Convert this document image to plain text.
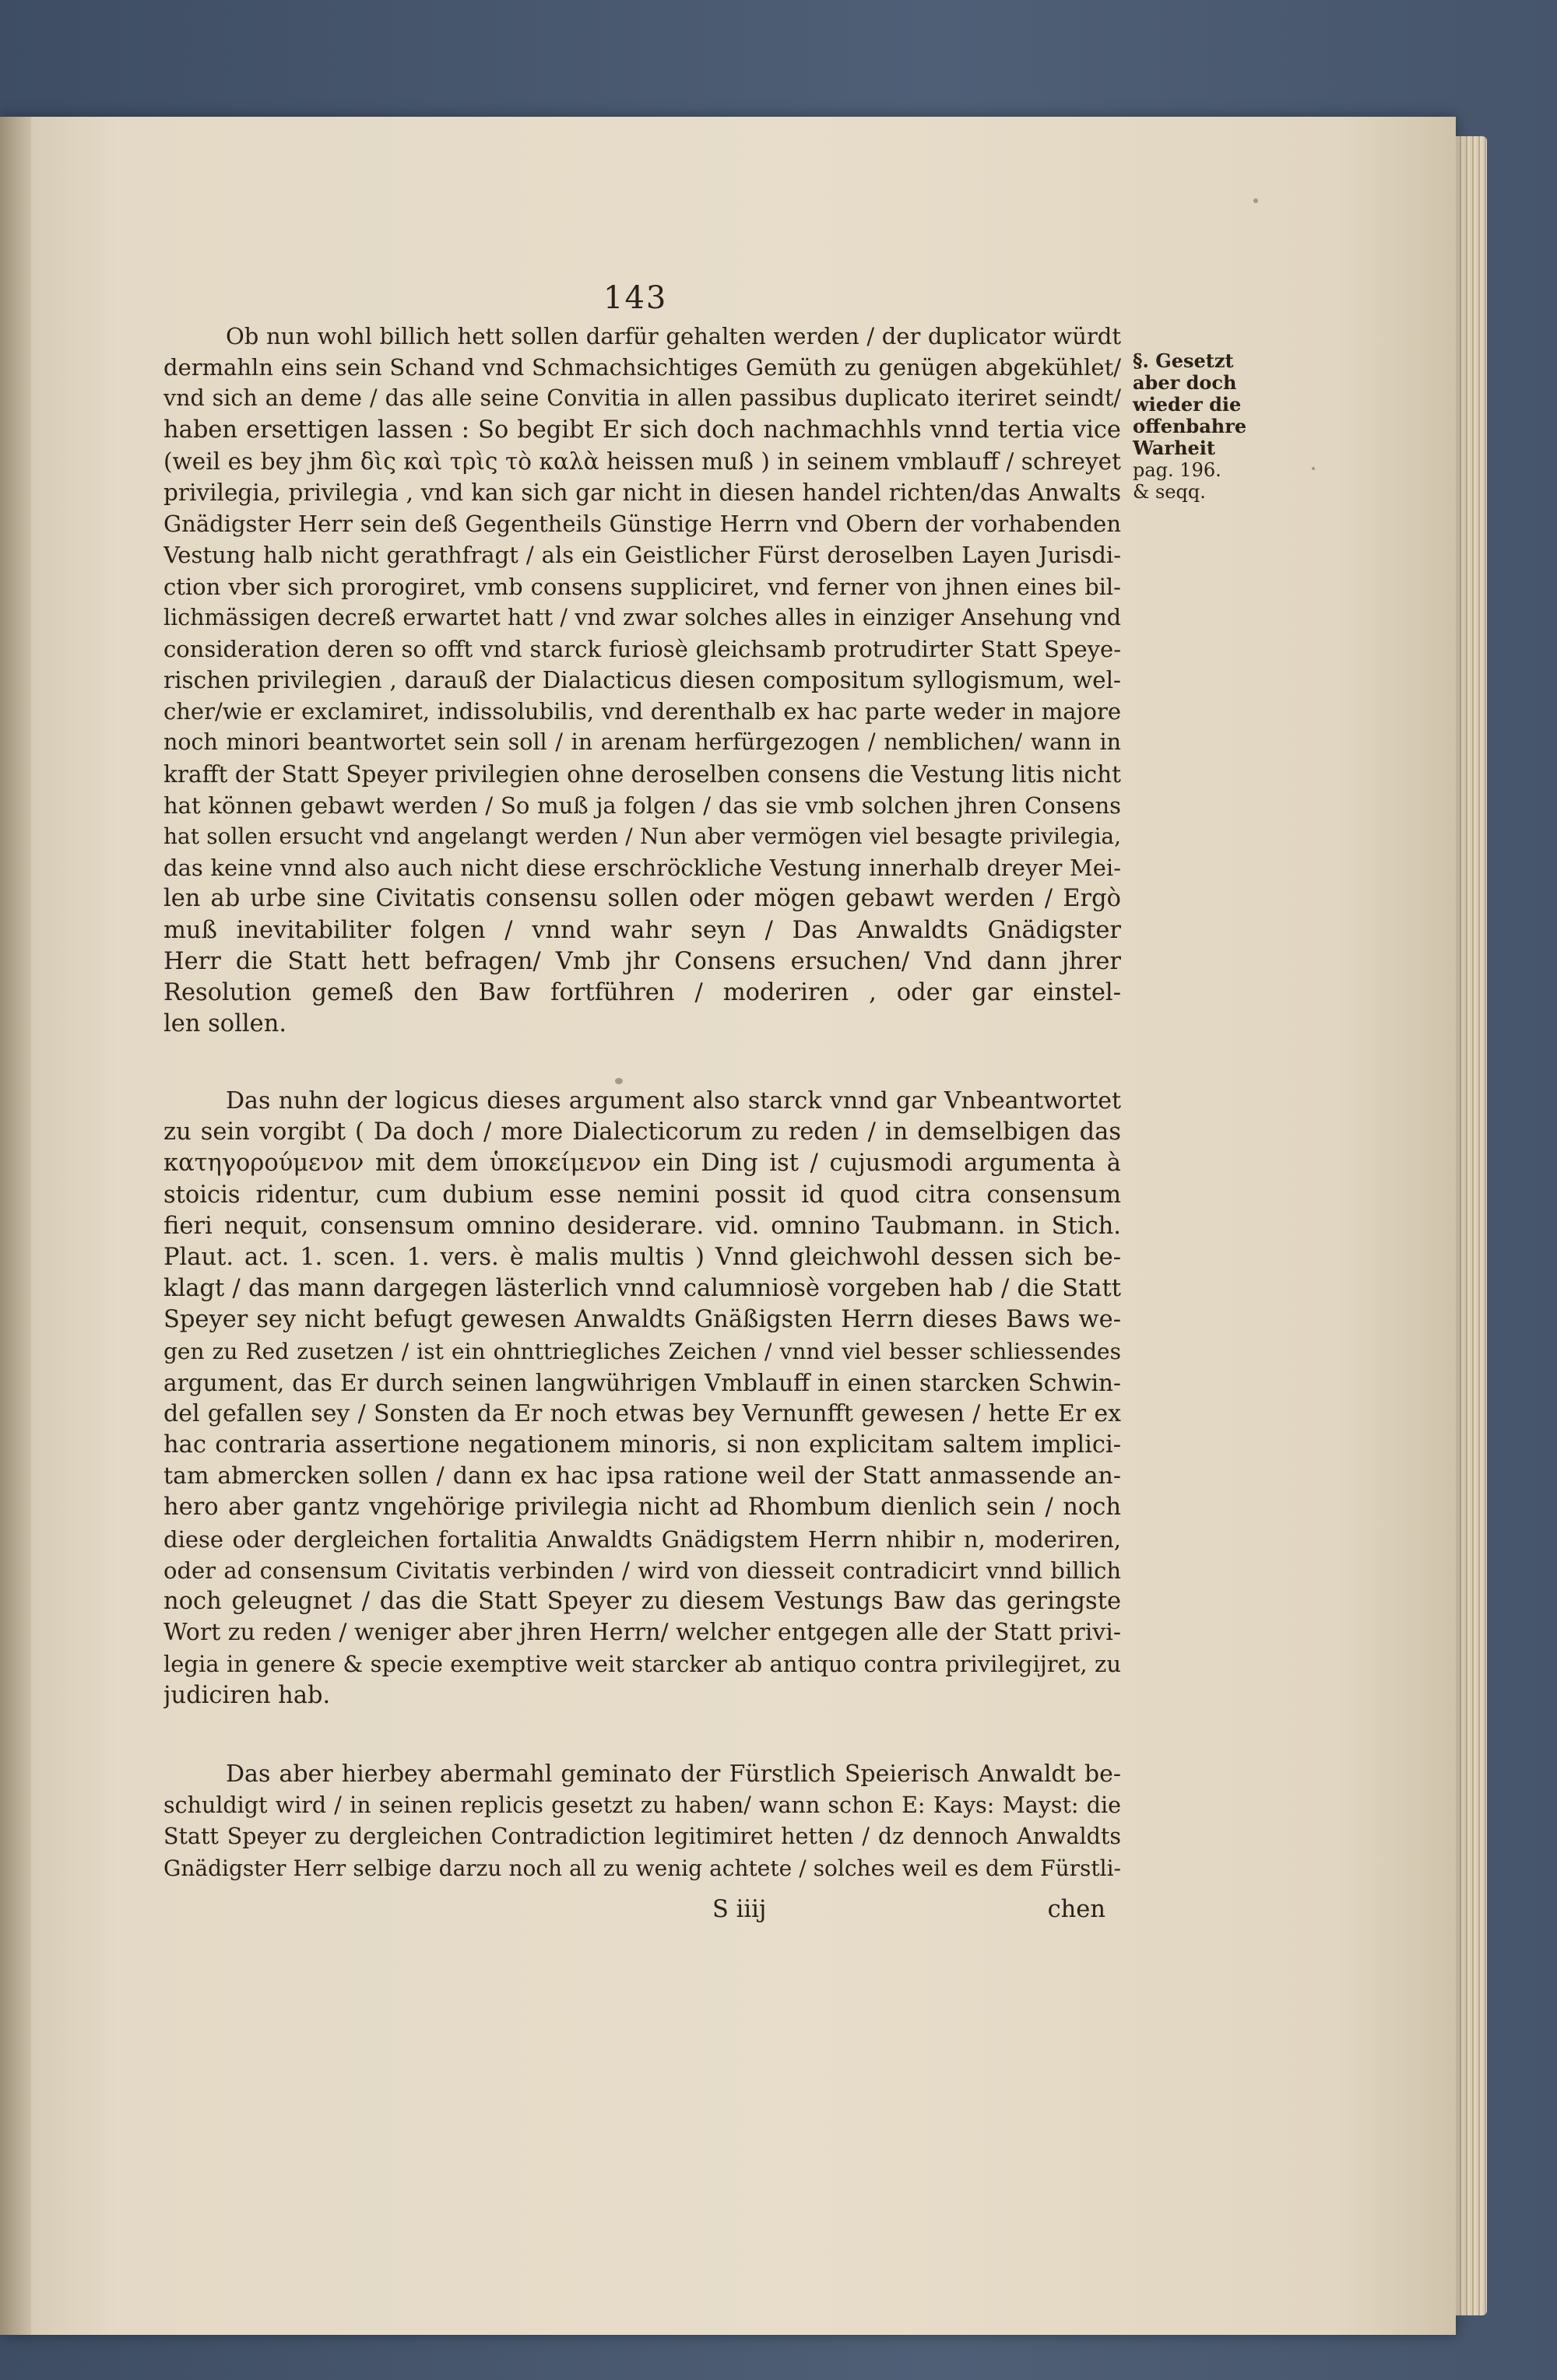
143
Ob nun wohl billich hett sollen darfür gehalten werden / der duplicator würdt
dermahln eins sein Schand vnd Schmachsichtiges Gemüth zu genügen abgekühlet/
vnd sich an deme / das alle seine Convitia in allen passibus duplicato iteriret seindt/
haben ersettigen lassen : So begibt Er sich doch nachmachhls vnnd tertia vice
(weil es bey jhm δὶς καὶ τρὶς τὸ καλὰ heissen muß ) in seinem vmblauff / schreyet
privilegia, privilegia , vnd kan sich gar nicht in diesen handel richten/das Anwalts
Gnädigster Herr sein deß Gegentheils Günstige Herrn vnd Obern der vorhabenden
Vestung halb nicht gerathfragt / als ein Geistlicher Fürst deroselben Layen Jurisdi-
ction vber sich prorogiret, vmb consens suppliciret, vnd ferner von jhnen eines bil-
lichmässigen decreß erwartet hatt / vnd zwar solches alles in einziger Ansehung vnd
consideration deren so offt vnd starck furiosè gleichsamb protrudirter Statt Speye-
rischen privilegien , darauß der Dialacticus diesen compositum syllogismum, wel-
cher/wie er exclamiret, indissolubilis, vnd derenthalb ex hac parte weder in majore
noch minori beantwortet sein soll / in arenam herfürgezogen / nemblichen/ wann in
krafft der Statt Speyer privilegien ohne deroselben consens die Vestung litis nicht
hat können gebawt werden / So muß ja folgen / das sie vmb solchen jhren Consens
hat sollen ersucht vnd angelangt werden / Nun aber vermögen viel besagte privilegia,
das keine vnnd also auch nicht diese erschröckliche Vestung innerhalb dreyer Mei-
len ab urbe sine Civitatis consensu sollen oder mögen gebawt werden / Ergò
muß inevitabiliter folgen / vnnd wahr seyn / Das Anwaldts Gnädigster
Herr die Statt hett befragen/ Vmb jhr Consens ersuchen/ Vnd dann jhrer
Resolution gemeß den Baw fortführen / moderiren , oder gar einstel-
len sollen.
§. Gesetzt
aber doch
wieder die
offenbahre
Warheit
pag. 196.
& seqq.
Das nuhn der logicus dieses argument also starck vnnd gar Vnbeantwortet
zu sein vorgibt ( Da doch / more Dialecticorum zu reden / in demselbigen das
κατηγορούμενον mit dem ὑποκείμενον ein Ding ist / cujusmodi argumenta à
stoicis ridentur, cum dubium esse nemini possit id quod citra consensum
fieri nequit, consensum omnino desiderare. vid. omnino Taubmann. in Stich.
Plaut. act. 1. scen. 1. vers. è malis multis ) Vnnd gleichwohl dessen sich be-
klagt / das mann dargegen lästerlich vnnd calumniosè vorgeben hab / die Statt
Speyer sey nicht befugt gewesen Anwaldts Gnäßigsten Herrn dieses Baws we-
gen zu Red zusetzen / ist ein ohnttriegliches Zeichen / vnnd viel besser schliessendes
argument, das Er durch seinen langwührigen Vmblauff in einen starcken Schwin-
del gefallen sey / Sonsten da Er noch etwas bey Vernunfft gewesen / hette Er ex
hac contraria assertione negationem minoris, si non explicitam saltem implici-
tam abmercken sollen / dann ex hac ipsa ratione weil der Statt anmassende an-
hero aber gantz vngehörige privilegia nicht ad Rhombum dienlich sein / noch
diese oder dergleichen fortalitia Anwaldts Gnädigstem Herrn nhibir n, moderiren,
oder ad consensum Civitatis verbinden / wird von diesseit contradicirt vnnd billich
noch geleugnet / das die Statt Speyer zu diesem Vestungs Baw das geringste
Wort zu reden / weniger aber jhren Herrn/ welcher entgegen alle der Statt privi-
legia in genere & specie exemptive weit starcker ab antiquo contra privilegijret, zu
judiciren hab.
Das aber hierbey abermahl geminato der Fürstlich Speierisch Anwaldt be-
schuldigt wird / in seinen replicis gesetzt zu haben/ wann schon E: Kays: Mayst: die
Statt Speyer zu dergleichen Contradiction legitimiret hetten / dz dennoch Anwaldts
Gnädigster Herr selbige darzu noch all zu wenig achtete / solches weil es dem Fürstli-
S iiij	chen
